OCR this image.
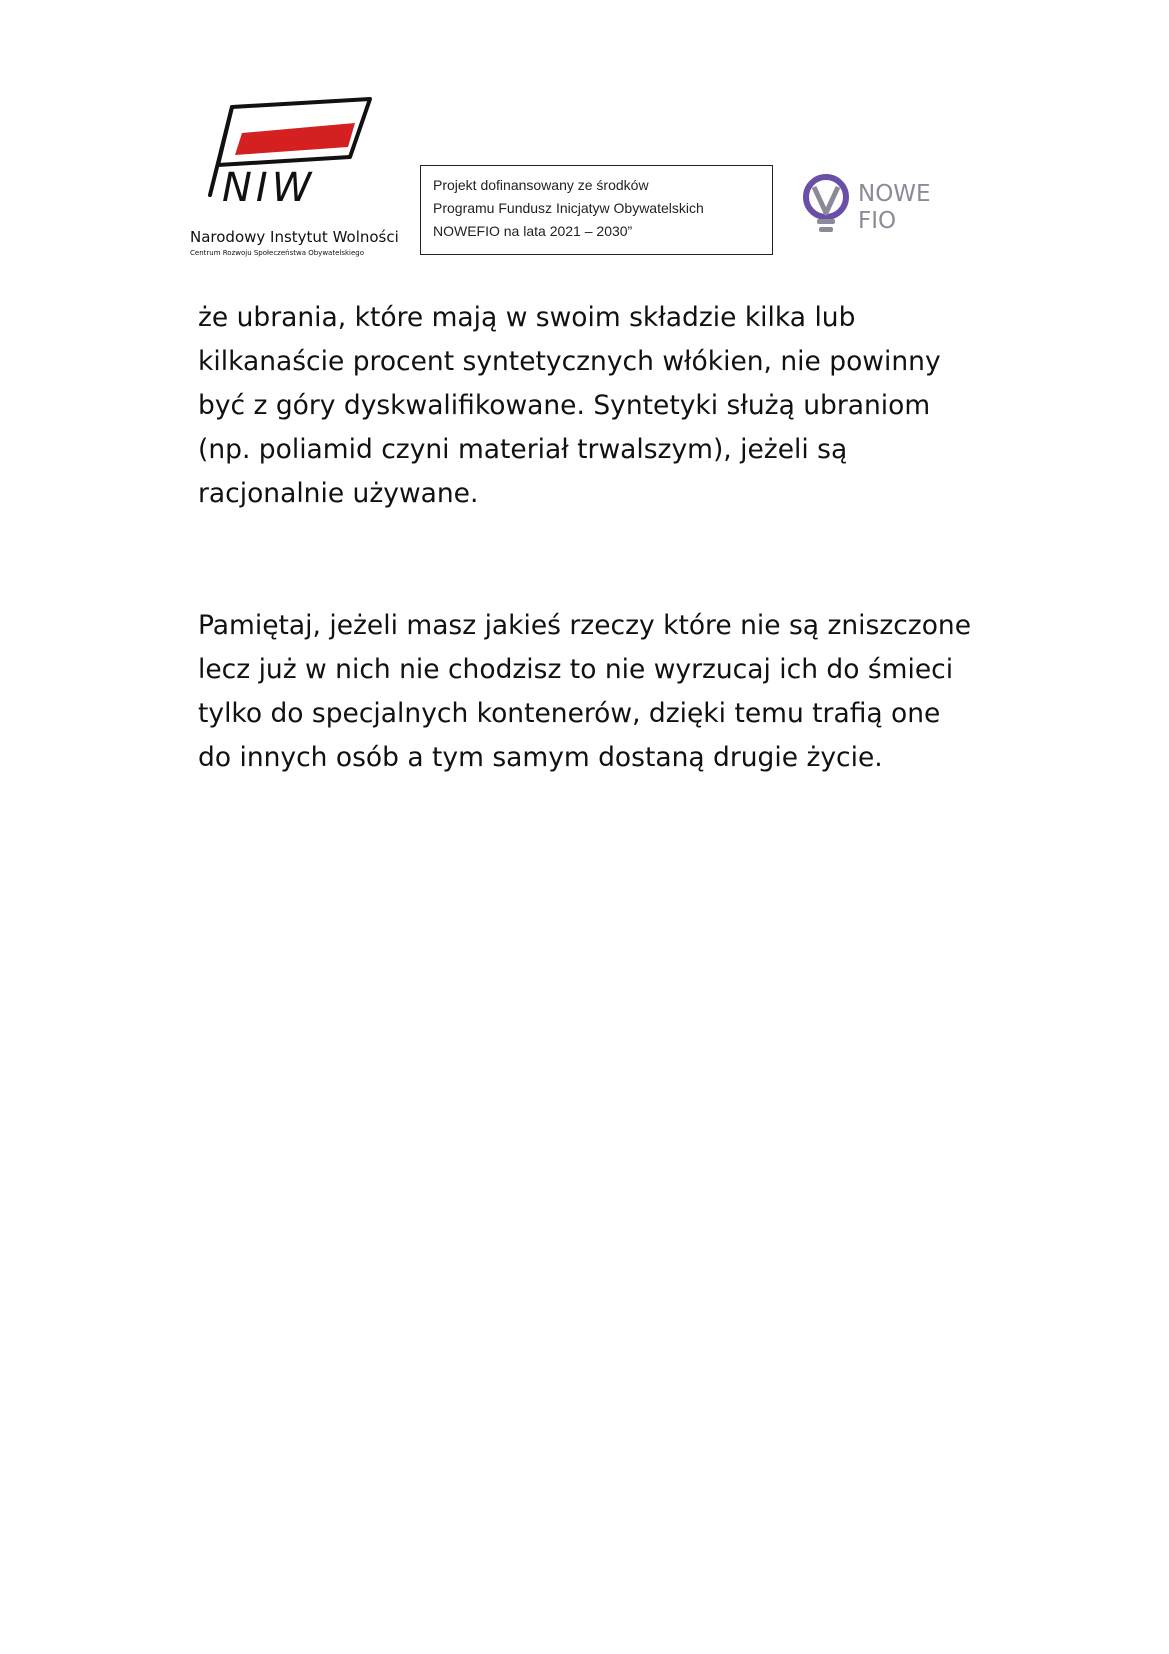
NIW
Narodowy Instytut Wolności
Centrum Rozwoju Społeczeństwa Obywatelskiego
Projekt dofinansowany ze środków
Programu Fundusz Inicjatyw Obywatelskich
NOWEFIO na lata 2021 – 2030”
NOWE
FIO

że ubrania, które mają w swoim składzie kilka lub
kilkanaście procent syntetycznych włókien, nie powinny
być z góry dyskwalifikowane. Syntetyki służą ubraniom
(np. poliamid czyni materiał trwalszym), jeżeli są
racjonalnie używane.

Pamiętaj, jeżeli masz jakieś rzeczy które nie są zniszczone
lecz już w nich nie chodzisz to nie wyrzucaj ich do śmieci
tylko do specjalnych kontenerów, dzięki temu trafią one
do innych osób a tym samym dostaną drugie życie.
